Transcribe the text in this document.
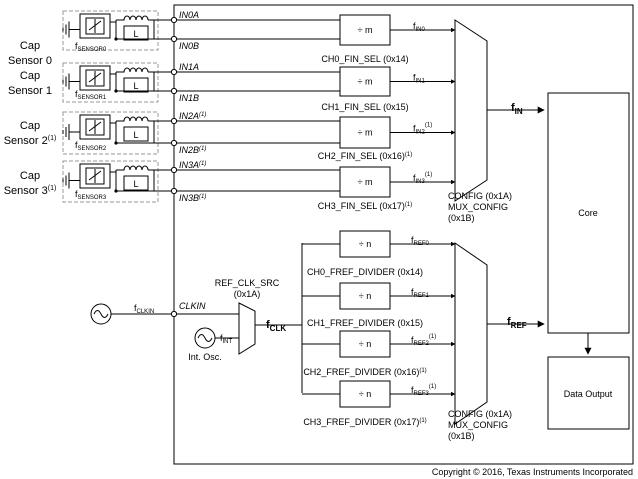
Cap
Sensor 0
$f_{SENSOR0}$
L
IN0A
IN0B
÷ m	$f_{IN0}$
CH0_FIN_SEL (0x14)
Cap
Sensor 1	$f_{SENSOR1}$
L
IN1A
IN1B
÷ m	$f_{IN1}$
CH1_FIN_SEL (0x15)
Cap
Sensor 2$^{(1)}$
$f_{SENSOR2}$
L
$IN2A^{(1)}$
$IN2B^{(1)}$
÷ m	$f_{IN2}^{(1)}$
CH2_FIN_SEL $(0x16)^{(1)}$
Cap
Sensor 3$^{(1)}$
$f_{SENSOR3}$
L
$IN3A^{(1)}$
$IN3B^{(1)}$
÷ m	$f_{IN3}^{(1)}$
CH3_FIN_SEL $(0x17)^{(1)}$
$f_{IN}$
CONFIG (0x1A)
MUX_CONFIG
(0x1B)	Core
Data Output
$f_{CLKIN}$
CLKIN
REF_CLK_SRC
(0x1A)
$f_{INT}$
Int. Osc.
$f_{CLK}$
÷ n	$f_{REF0}$
CH0_FREF_DIVIDER (0x14)
÷ n	$f_{REF1}$
CH1_FREF_DIVIDER (0x15)
÷ n	$f_{REF2}^{(1)}$
CH2_FREF_DIVIDER $(0x16)^{(1)}$
÷ n	$f_{REF3}^{(1)}$
CH3_FREF_DIVIDER $(0x17)^{(1)}$
$f_{REF}$
CONFIG (0x1A)
MUX_CONFIG
(0x1B)
Copyright © 2016, Texas Instruments Incorporated
